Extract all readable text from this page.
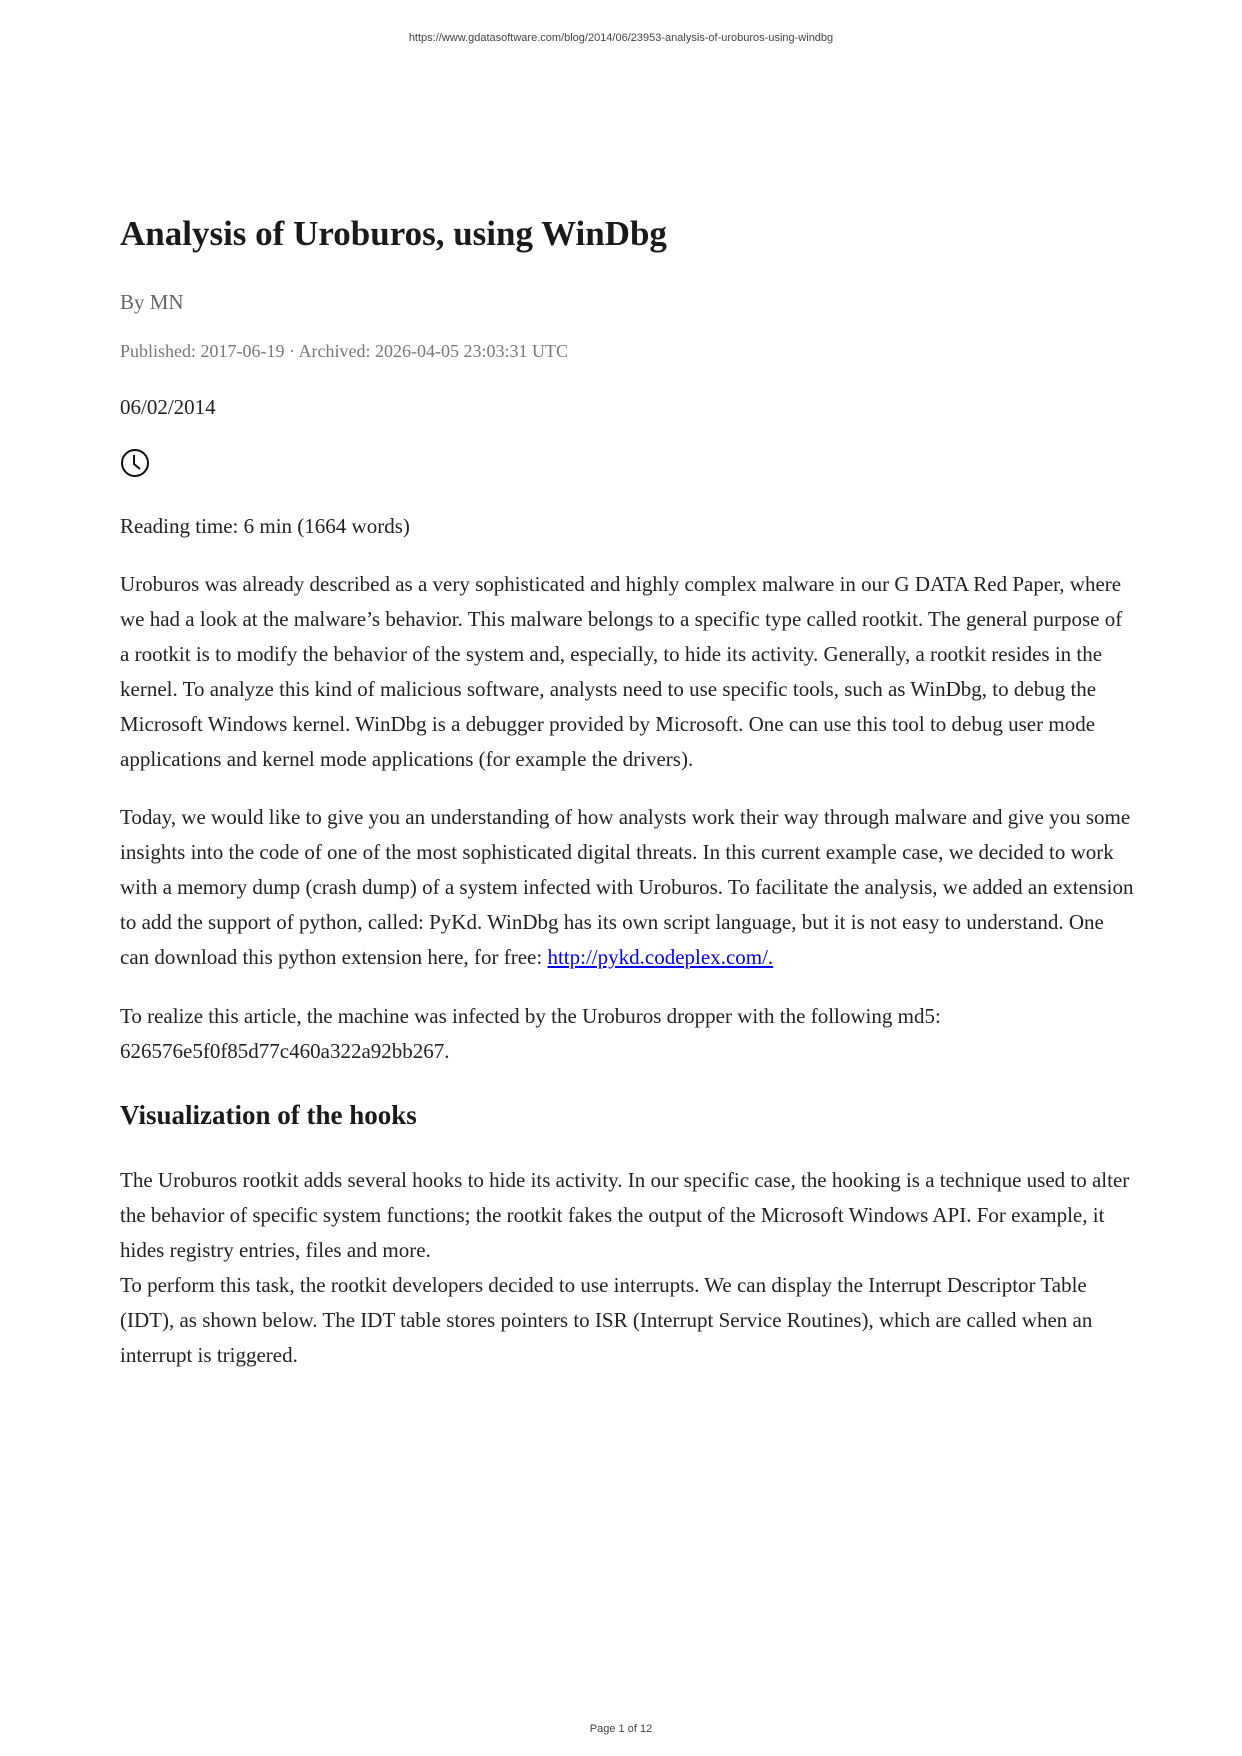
https://www.gdatasoftware.com/blog/2014/06/23953-analysis-of-uroburos-using-windbg
Analysis of Uroburos, using WinDbg
By MN
Published: 2017-06-19 · Archived: 2026-04-05 23:03:31 UTC
06/02/2014

Reading time: 6 min (1664 words)

Uroburos was already described as a very sophisticated and highly complex malware in our G DATA Red Paper, where we had a look at the malware’s behavior. This malware belongs to a specific type called rootkit. The general purpose of a rootkit is to modify the behavior of the system and, especially, to hide its activity. Generally, a rootkit resides in the kernel. To analyze this kind of malicious software, analysts need to use specific tools, such as WinDbg, to debug the Microsoft Windows kernel. WinDbg is a debugger provided by Microsoft. One can use this tool to debug user mode applications and kernel mode applications (for example the drivers).

Today, we would like to give you an understanding of how analysts work their way through malware and give you some insights into the code of one of the most sophisticated digital threats. In this current example case, we decided to work with a memory dump (crash dump) of a system infected with Uroburos. To facilitate the analysis, we added an extension to add the support of python, called: PyKd. WinDbg has its own script language, but it is not easy to understand. One can download this python extension here, for free: http://pykd.codeplex.com/.

To realize this article, the machine was infected by the Uroburos dropper with the following md5: 626576e5f0f85d77c460a322a92bb267.

Visualization of the hooks

The Uroburos rootkit adds several hooks to hide its activity. In our specific case, the hooking is a technique used to alter the behavior of specific system functions; the rootkit fakes the output of the Microsoft Windows API. For example, it hides registry entries, files and more.

To perform this task, the rootkit developers decided to use interrupts. We can display the Interrupt Descriptor Table (IDT), as shown below. The IDT table stores pointers to ISR (Interrupt Service Routines), which are called when an interrupt is triggered.

Page 1 of 12
